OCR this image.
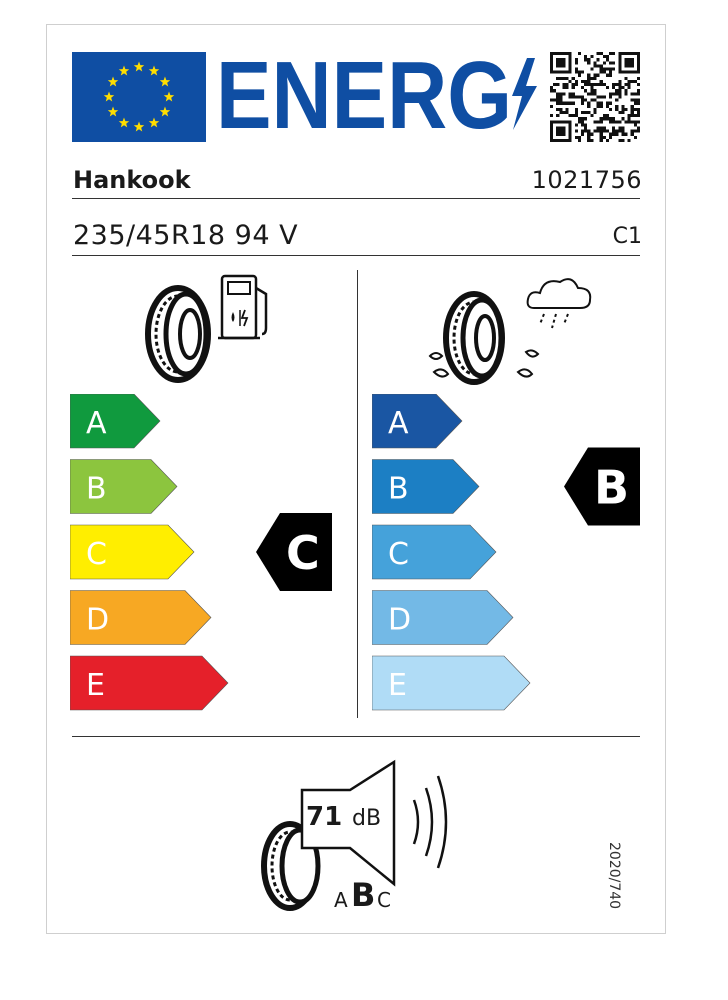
ENERG
Hankook	1021756
235/45R18 94 V	C1
A
B
C
D
E
C
A
B
C
D
E
B
71 dB
A B C	2020/740
